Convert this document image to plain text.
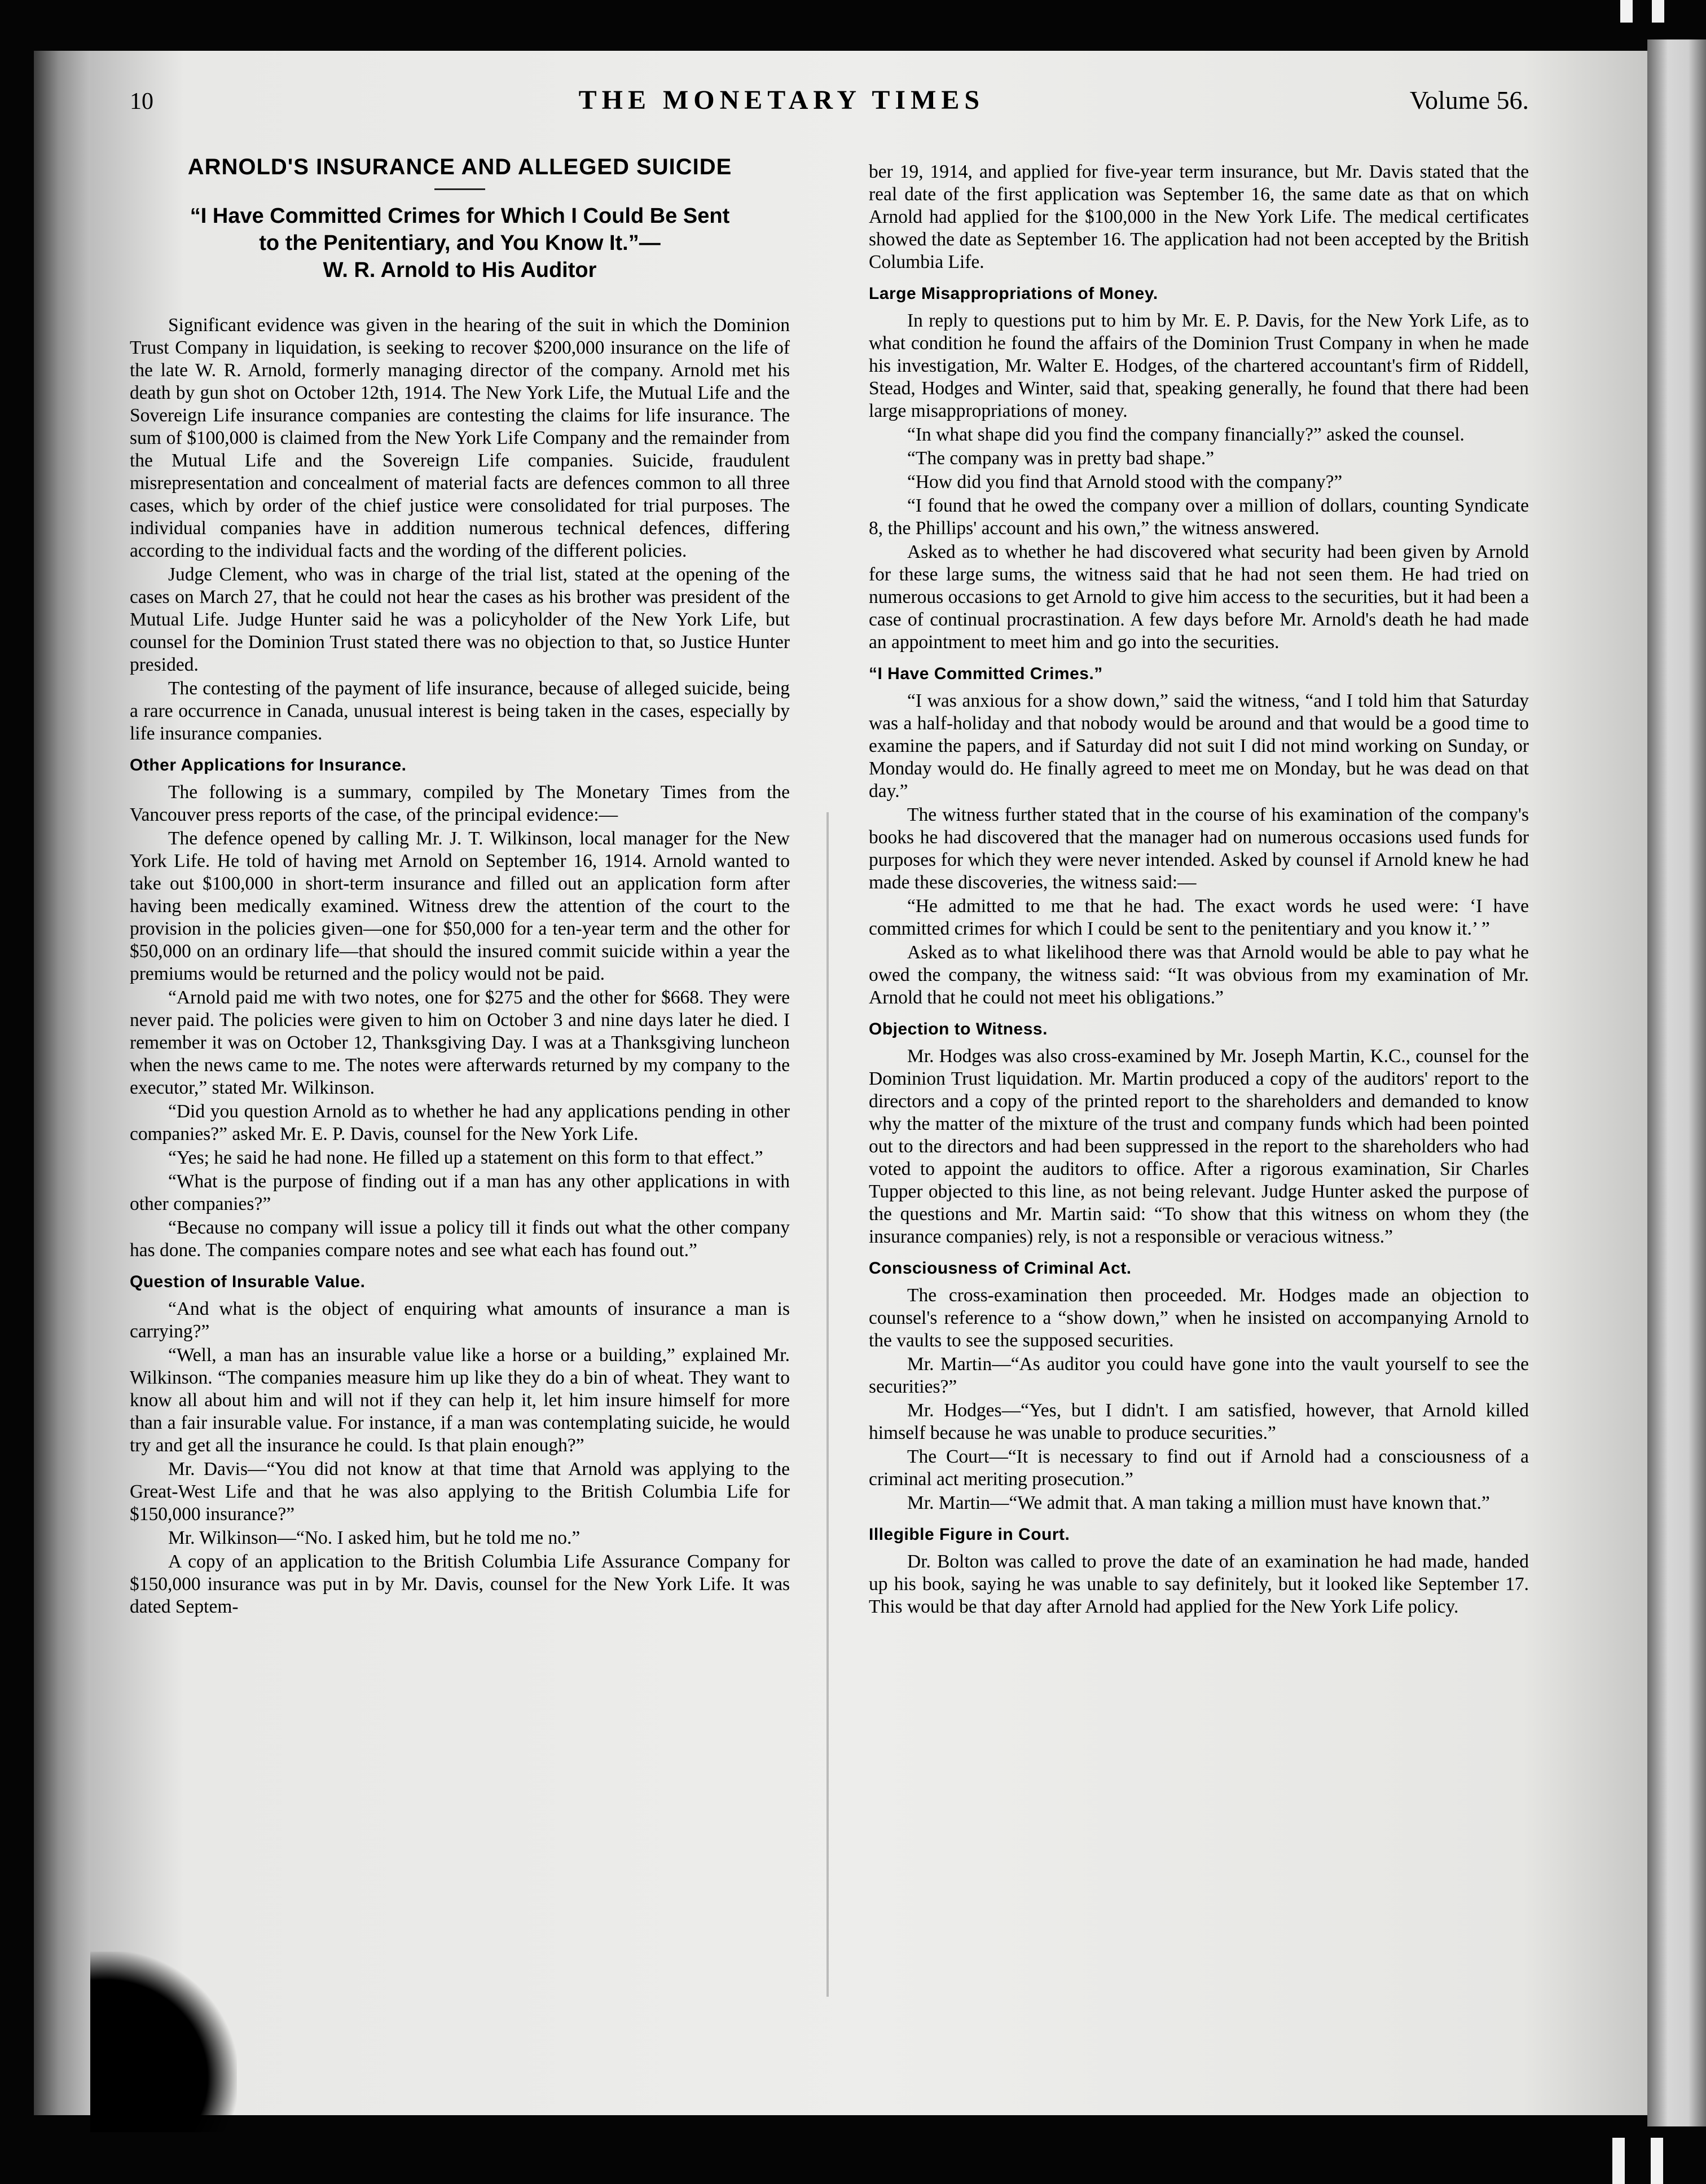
10	THE MONETARY TIMES	Volume 56.
ARNOLD'S INSURANCE AND ALLEGED SUICIDE
“I Have Committed Crimes for Which I Could Be Sent
to the Penitentiary, and You Know It.”—
W. R. Arnold to His Auditor

Significant evidence was given in the hearing of the suit in which the Dominion Trust Company in liquidation, is seeking to recover $200,000 insurance on the life of the late W. R. Arnold, formerly managing director of the company. Arnold met his death by gun shot on October 12th, 1914. The New York Life, the Mutual Life and the Sovereign Life insurance companies are contesting the claims for life insurance. The sum of $100,000 is claimed from the New York Life Company and the remainder from the Mutual Life and the Sovereign Life companies. Suicide, fraudulent misrepresentation and concealment of material facts are defences common to all three cases, which by order of the chief justice were consolidated for trial purposes. The individual companies have in addition numerous technical defences, differing according to the individual facts and the wording of the different policies.

Judge Clement, who was in charge of the trial list, stated at the opening of the cases on March 27, that he could not hear the cases as his brother was president of the Mutual Life. Judge Hunter said he was a policyholder of the New York Life, but counsel for the Dominion Trust stated there was no objection to that, so Justice Hunter presided.

The contesting of the payment of life insurance, because of alleged suicide, being a rare occurrence in Canada, unusual interest is being taken in the cases, especially by life insurance companies.

Other Applications for Insurance.

The following is a summary, compiled by The Monetary Times from the Vancouver press reports of the case, of the principal evidence:—

The defence opened by calling Mr. J. T. Wilkinson, local manager for the New York Life. He told of having met Arnold on September 16, 1914. Arnold wanted to take out $100,000 in short-term insurance and filled out an application form after having been medically examined. Witness drew the attention of the court to the provision in the policies given—one for $50,000 for a ten-year term and the other for $50,000 on an ordinary life—that should the insured commit suicide within a year the premiums would be returned and the policy would not be paid.

“Arnold paid me with two notes, one for $275 and the other for $668. They were never paid. The policies were given to him on October 3 and nine days later he died. I remember it was on October 12, Thanksgiving Day. I was at a Thanksgiving luncheon when the news came to me. The notes were afterwards returned by my company to the executor,” stated Mr. Wilkinson.

“Did you question Arnold as to whether he had any applications pending in other companies?” asked Mr. E. P. Davis, counsel for the New York Life.

“Yes; he said he had none. He filled up a statement on this form to that effect.”

“What is the purpose of finding out if a man has any other applications in with other companies?”

“Because no company will issue a policy till it finds out what the other company has done. The companies compare notes and see what each has found out.”

Question of Insurable Value.

“And what is the object of enquiring what amounts of insurance a man is carrying?”

“Well, a man has an insurable value like a horse or a building,” explained Mr. Wilkinson. “The companies measure him up like they do a bin of wheat. They want to know all about him and will not if they can help it, let him insure himself for more than a fair insurable value. For instance, if a man was contemplating suicide, he would try and get all the insurance he could. Is that plain enough?”

Mr. Davis—“You did not know at that time that Arnold was applying to the Great-West Life and that he was also applying to the British Columbia Life for $150,000 insurance?”

Mr. Wilkinson—“No. I asked him, but he told me no.”

A copy of an application to the British Columbia Life Assurance Company for $150,000 insurance was put in by Mr. Davis, counsel for the New York Life. It was dated Septem-

ber 19, 1914, and applied for five-year term insurance, but Mr. Davis stated that the real date of the first application was September 16, the same date as that on which Arnold had applied for the $100,000 in the New York Life. The medical certificates showed the date as September 16. The application had not been accepted by the British Columbia Life.

Large Misappropriations of Money.

In reply to questions put to him by Mr. E. P. Davis, for the New York Life, as to what condition he found the affairs of the Dominion Trust Company in when he made his investigation, Mr. Walter E. Hodges, of the chartered accountant's firm of Riddell, Stead, Hodges and Winter, said that, speaking generally, he found that there had been large misappropriations of money.

“In what shape did you find the company financially?” asked the counsel.

“The company was in pretty bad shape.”

“How did you find that Arnold stood with the company?”

“I found that he owed the company over a million of dollars, counting Syndicate 8, the Phillips' account and his own,” the witness answered.

Asked as to whether he had discovered what security had been given by Arnold for these large sums, the witness said that he had not seen them. He had tried on numerous occasions to get Arnold to give him access to the securities, but it had been a case of continual procrastination. A few days before Mr. Arnold's death he had made an appointment to meet him and go into the securities.

“I Have Committed Crimes.”

“I was anxious for a show down,” said the witness, “and I told him that Saturday was a half-holiday and that nobody would be around and that would be a good time to examine the papers, and if Saturday did not suit I did not mind working on Sunday, or Monday would do. He finally agreed to meet me on Monday, but he was dead on that day.”

The witness further stated that in the course of his examination of the company's books he had discovered that the manager had on numerous occasions used funds for purposes for which they were never intended. Asked by counsel if Arnold knew he had made these discoveries, the witness said:—

“He admitted to me that he had. The exact words he used were: ‘I have committed crimes for which I could be sent to the penitentiary and you know it.’ ”

Asked as to what likelihood there was that Arnold would be able to pay what he owed the company, the witness said: “It was obvious from my examination of Mr. Arnold that he could not meet his obligations.”

Objection to Witness.

Mr. Hodges was also cross-examined by Mr. Joseph Martin, K.C., counsel for the Dominion Trust liquidation. Mr. Martin produced a copy of the auditors' report to the directors and a copy of the printed report to the shareholders and demanded to know why the matter of the mixture of the trust and company funds which had been pointed out to the directors and had been suppressed in the report to the shareholders who had voted to appoint the auditors to office. After a rigorous examination, Sir Charles Tupper objected to this line, as not being relevant. Judge Hunter asked the purpose of the questions and Mr. Martin said: “To show that this witness on whom they (the insurance companies) rely, is not a responsible or veracious witness.”

Consciousness of Criminal Act.

The cross-examination then proceeded. Mr. Hodges made an objection to counsel's reference to a “show down,” when he insisted on accompanying Arnold to the vaults to see the supposed securities.

Mr. Martin—“As auditor you could have gone into the vault yourself to see the securities?”

Mr. Hodges—“Yes, but I didn't. I am satisfied, however, that Arnold killed himself because he was unable to produce securities.”

The Court—“It is necessary to find out if Arnold had a consciousness of a criminal act meriting prosecution.”

Mr. Martin—“We admit that. A man taking a million must have known that.”

Illegible Figure in Court.

Dr. Bolton was called to prove the date of an examination he had made, handed up his book, saying he was unable to say definitely, but it looked like September 17. This would be that day after Arnold had applied for the New York Life policy.
